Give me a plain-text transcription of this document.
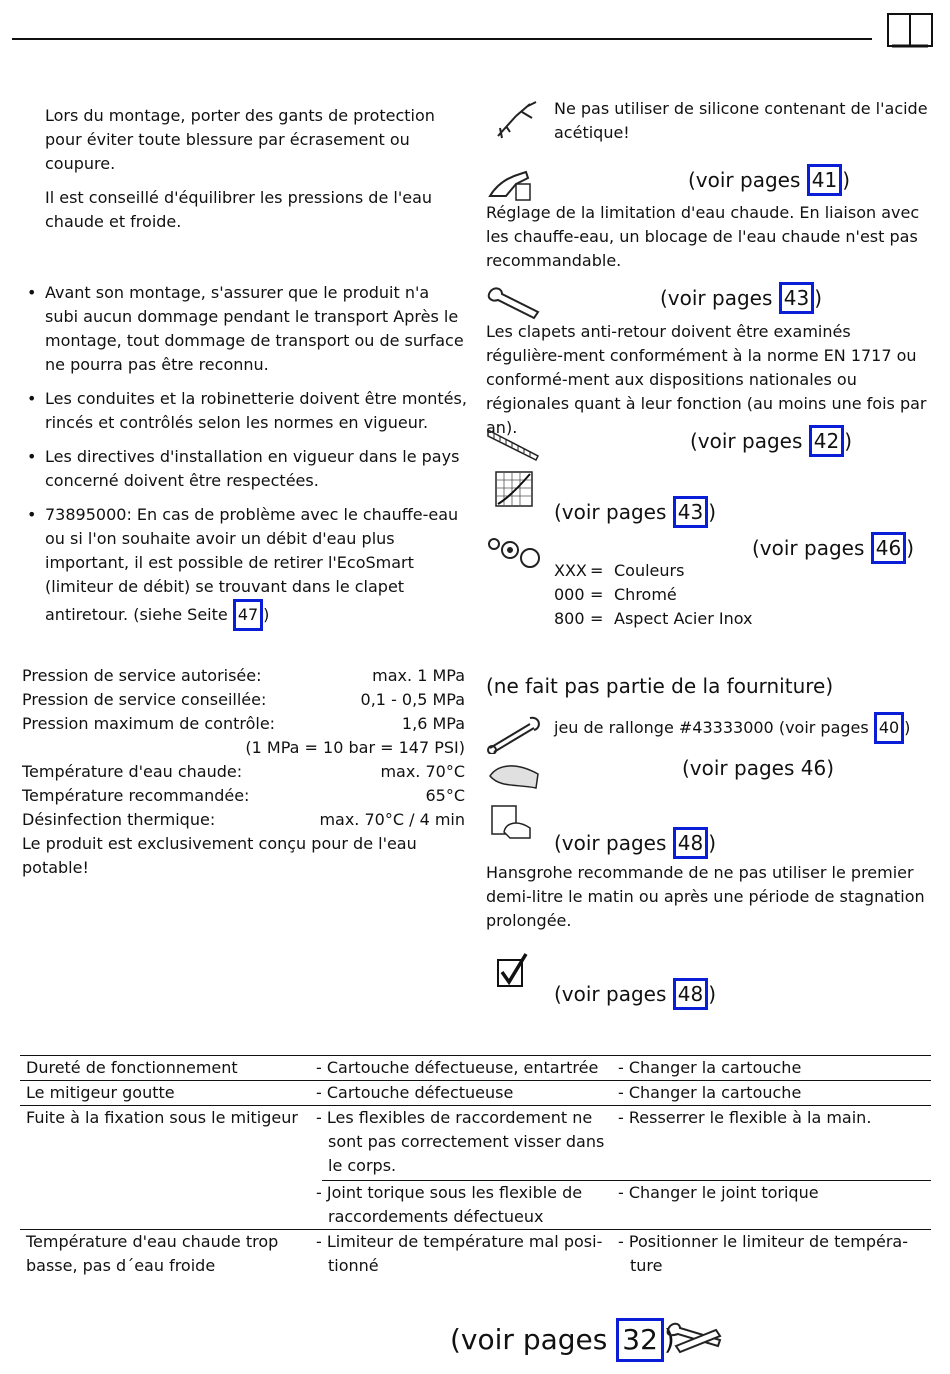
Lors du montage, porter des gants de protection pour éviter toute blessure par écrasement ou coupure.

Il est conseillé d'équilibrer les pressions de l'eau chaude et froide.

• Avant son montage, s'assurer que le produit n'a subi aucun dommage pendant le transport Après le montage, tout dommage de transport ou de surface ne pourra pas être reconnu.
• Les conduites et la robinetterie doivent être montés, rincés et contrôlés selon les normes en vigueur.
• Les directives d'installation en vigueur dans le pays concerné doivent être respectées.
• 73895000: En cas de problème avec le chauffe-eau ou si l'on souhaite avoir un débit d'eau plus important, il est possible de retirer l'EcoSmart (limiteur de débit) se trouvant dans le clapet antiretour. (siehe Seite 47 )
Pression de service autorisée:	max. 1 MPa
Pression de service conseillée:	0,1 - 0,5 MPa
Pression maximum de contrôle:	1,6 MPa
(1 MPa = 10 bar = 147 PSI)
Température d'eau chaude:	max. 70°C
Température recommandée:	65°C
Désinfection thermique:	max. 70°C / 4 min

Le produit est exclusivement conçu pour de l'eau potable!

Ne pas utiliser de silicone contenant de l'acide acétique!

(voir pages 41 )

Réglage de la limitation d'eau chaude. En liaison avec les chauffe-eau, un blocage de l'eau chaude n'est pas recommandable.

(voir pages 43 )

Les clapets anti-retour doivent être examinés régulière-ment conformément à la norme EN 1717 ou conformé-ment aux dispositions nationales ou régionales quant à leur fonction (au moins une fois par an).

(voir pages 42 )
(voir pages 43 )
(voir pages 46 )
XXX = Couleurs
000 = Chromé
800 = Aspect Acier Inox

(ne fait pas partie de la fourniture)

jeu de rallonge #43333000 (voir pages 40 )

(voir pages 46)

(voir pages 48 )

Hansgrohe recommande de ne pas utiliser le premier demi-litre le matin ou après une période de stagnation prolongée.

(voir pages 48 )
Dureté de fonctionnement	- Cartouche défectueuse, entartrée	- Changer la cartouche
Le mitigeur goutte	- Cartouche défectueuse	- Changer la cartouche
Fuite à la fixation sous le mitigeur	- Les flexibles de raccordement ne sont pas correctement visser dans le corps.	- Resserrer le flexible à la main.
	- Joint torique sous les flexible de raccordements défectueux	- Changer le joint torique
Température d'eau chaude trop basse, pas d´eau froide	- Limiteur de température mal posi-tionné	- Positionner le limiteur de tempéra-ture
(voir pages 32 )
